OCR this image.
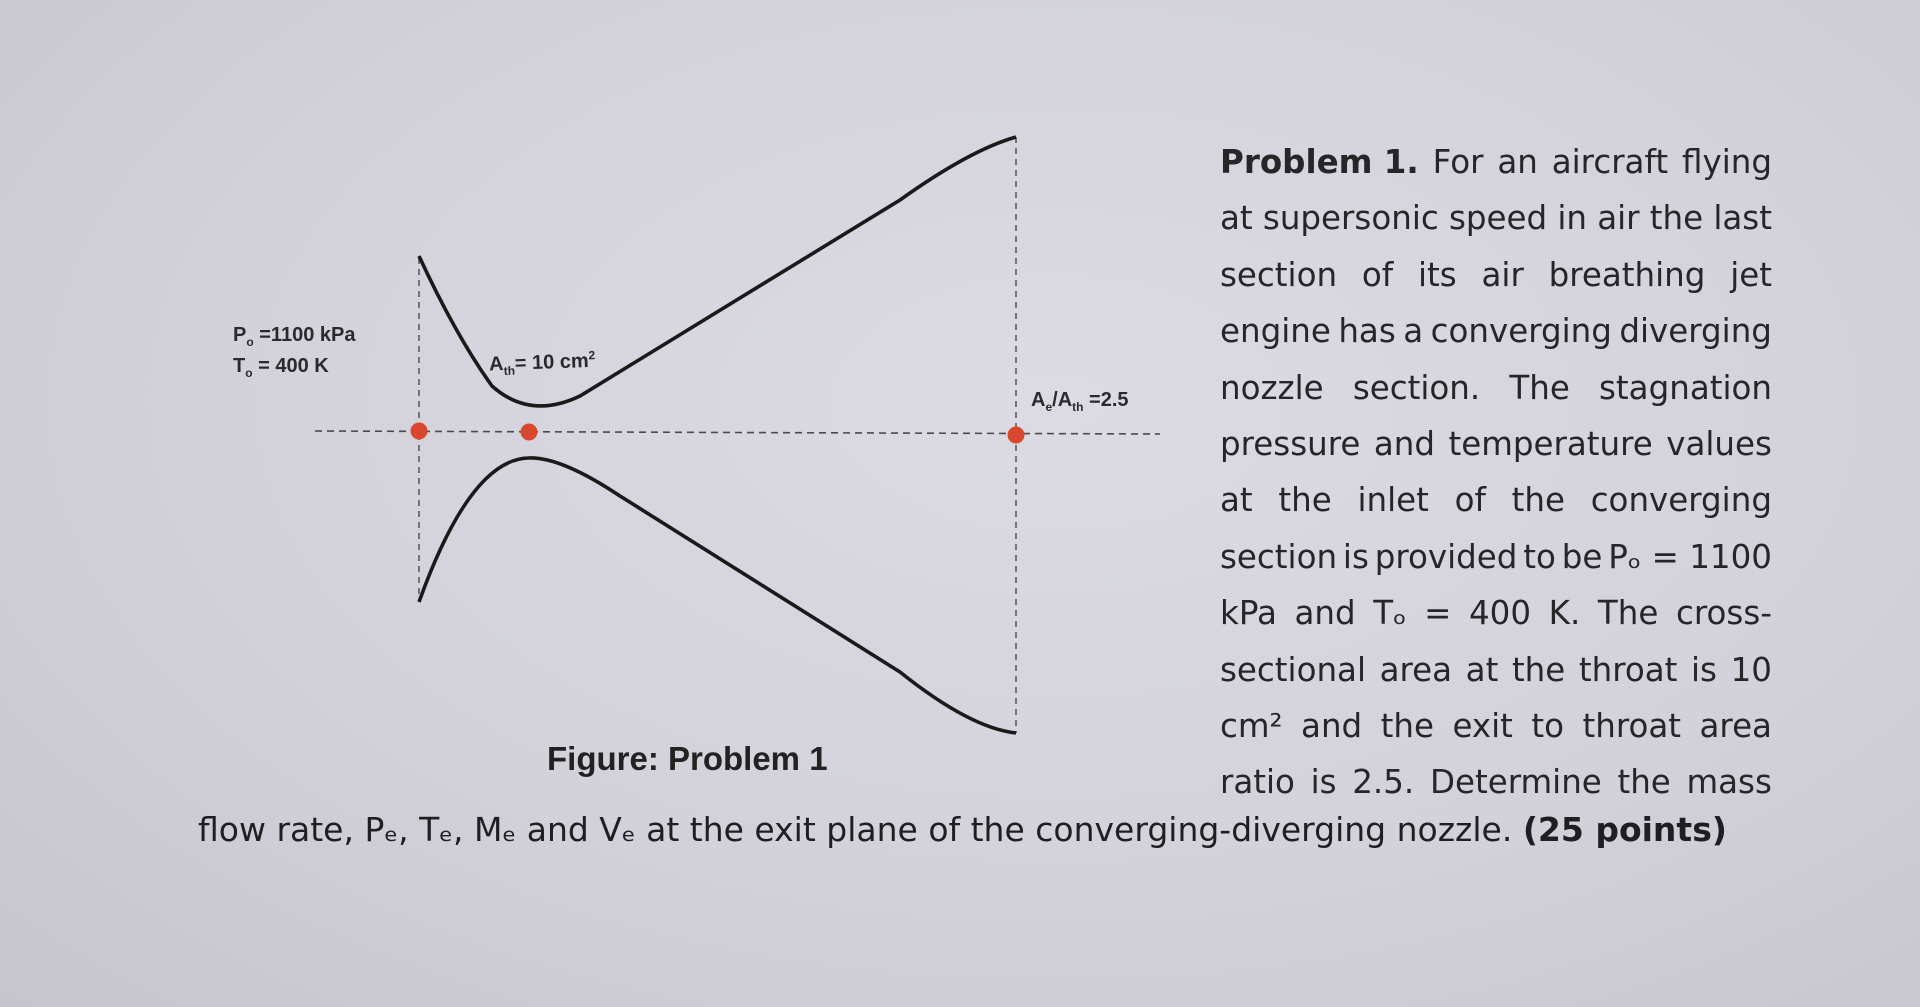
$P_o =1100$ kPa
$T_o = 400$ K	$A_{th}= 10$ $cm^2$
$A_e/A_{th} =2.5$
Figure: Problem 1
Problem 1. For an aircraft flying
at supersonic speed in air the last
section of its air breathing jet
engine has a converging diverging
nozzle section. The stagnation
pressure and temperature values
at the inlet of the converging
section is provided to be Pₒ = 1100
kPa and Tₒ = 400 K. The cross-
sectional area at the throat is 10
cm² and the exit to throat area
ratio is 2.5. Determine the mass
flow rate, Pₑ, Tₑ, Mₑ and Vₑ at the exit plane of the converging-diverging nozzle. (25 points)
